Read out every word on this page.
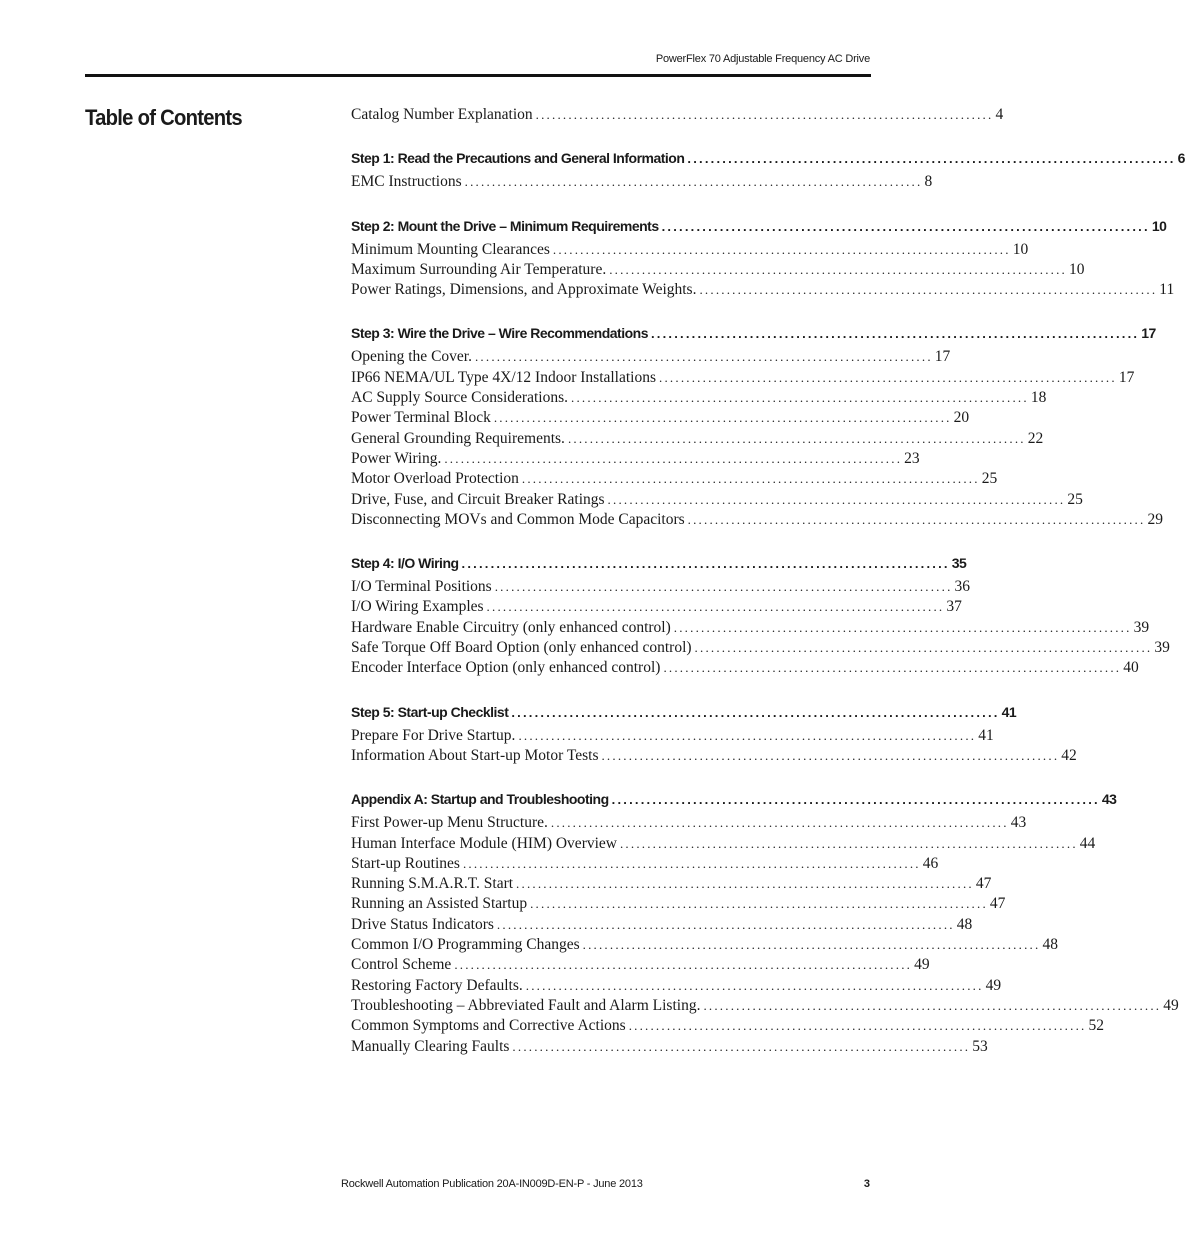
PowerFlex 70 Adjustable Frequency AC Drive
Table of Contents	Catalog Number Explanation .................................................................................... 4
Step 1: Read the Precautions and General Information .................................................................................... 6
EMC Instructions .................................................................................... 8
Step 2: Mount the Drive – Minimum Requirements .................................................................................... 10
Minimum Mounting Clearances .................................................................................... 10
Maximum Surrounding Air Temperature. .................................................................................... 10
Power Ratings, Dimensions, and Approximate Weights. .................................................................................... 11
Step 3: Wire the Drive – Wire Recommendations .................................................................................... 17
Opening the Cover. .................................................................................... 17
IP66 NEMA/UL Type 4X/12 Indoor Installations .................................................................................... 17
AC Supply Source Considerations. .................................................................................... 18
Power Terminal Block .................................................................................... 20
General Grounding Requirements. .................................................................................... 22
Power Wiring. .................................................................................... 23
Motor Overload Protection .................................................................................... 25
Drive, Fuse, and Circuit Breaker Ratings .................................................................................... 25
Disconnecting MOVs and Common Mode Capacitors .................................................................................... 29
Step 4: I/O Wiring .................................................................................... 35
I/O Terminal Positions .................................................................................... 36
I/O Wiring Examples .................................................................................... 37
Hardware Enable Circuitry (only enhanced control) .................................................................................... 39
Safe Torque Off Board Option (only enhanced control) .................................................................................... 39
Encoder Interface Option (only enhanced control) .................................................................................... 40
Step 5: Start-up Checklist .................................................................................... 41
Prepare For Drive Startup. .................................................................................... 41
Information About Start-up Motor Tests .................................................................................... 42
Appendix A: Startup and Troubleshooting .................................................................................... 43
First Power-up Menu Structure. .................................................................................... 43
Human Interface Module (HIM) Overview .................................................................................... 44
Start-up Routines .................................................................................... 46
Running S.M.A.R.T. Start .................................................................................... 47
Running an Assisted Startup .................................................................................... 47
Drive Status Indicators .................................................................................... 48
Common I/O Programming Changes .................................................................................... 48
Control Scheme .................................................................................... 49
Restoring Factory Defaults. .................................................................................... 49
Troubleshooting – Abbreviated Fault and Alarm Listing. .................................................................................... 49
Common Symptoms and Corrective Actions .................................................................................... 52
Manually Clearing Faults .................................................................................... 53
Rockwell Automation Publication 20A-IN009D-EN-P - June 2013	3
